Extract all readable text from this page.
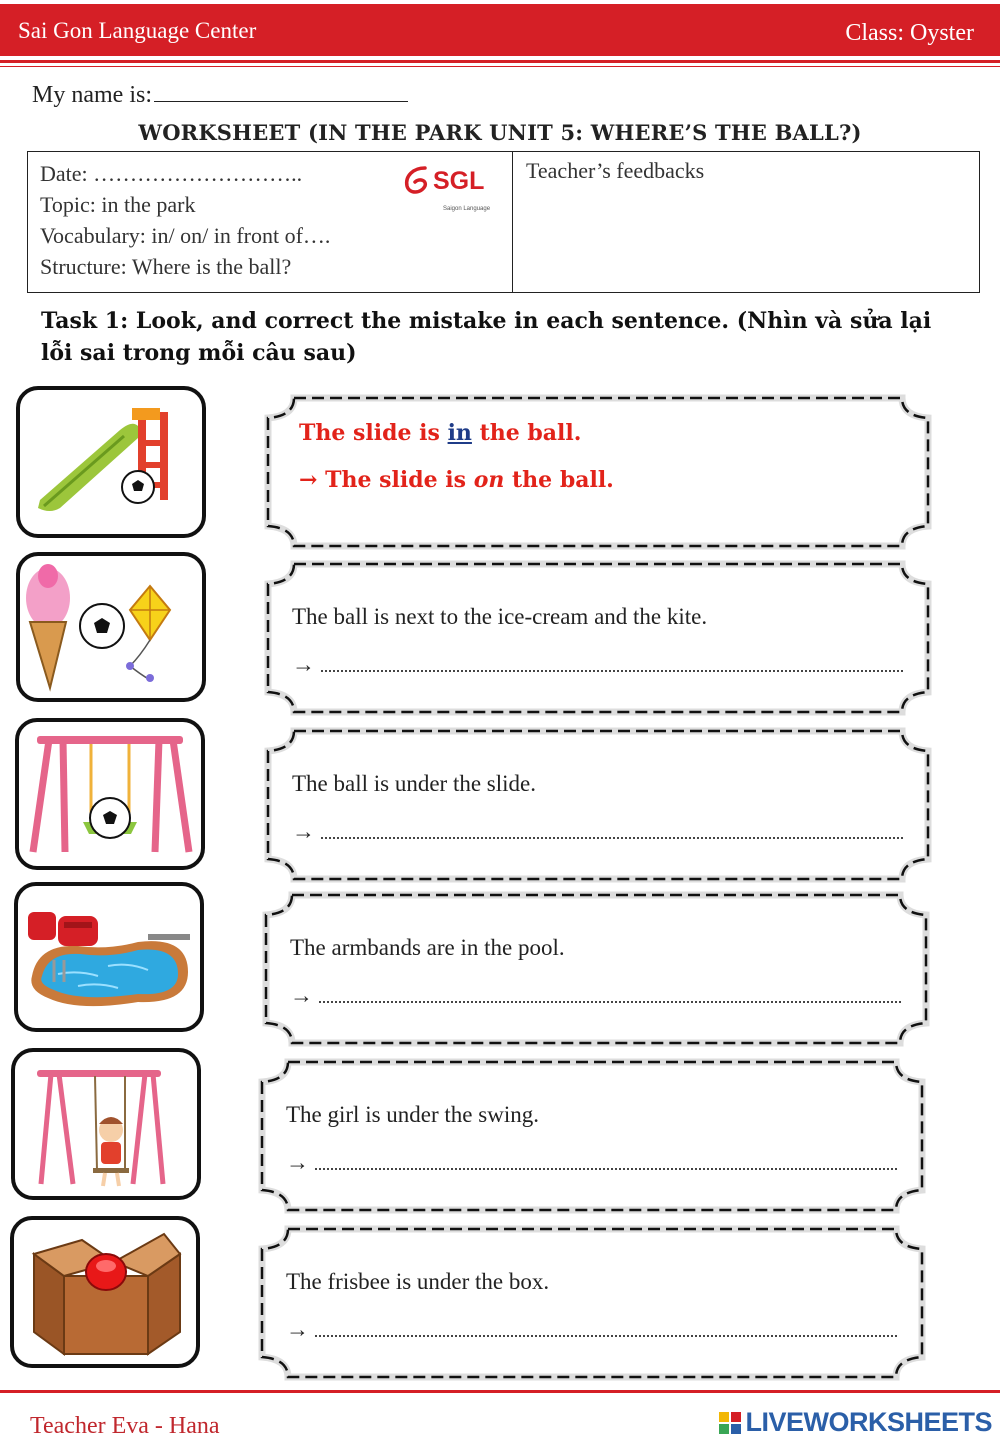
Sai Gon Language Center	Class: Oyster
My name is:
WORKSHEET (IN THE PARK UNIT 5: WHERE’S THE BALL?)
Date: ………………………..
Topic: in the park
Vocabulary: in/ on/ in front of….
Structure: Where is the ball?
SGL
Saigon Language
Teacher’s feedbacks
Task 1: Look, and correct the mistake in each sentence. (Nhìn và sửa lại lỗi sai trong mỗi câu sau)
The slide is in the ball.
→ The slide is on the ball.
The ball is next to the ice-cream and the kite.
→
The ball is under the slide.
→
The armbands are in the pool.
→
The girl is under the swing.
→
The frisbee is under the box.
→
Teacher Eva - Hana	LIVEWORKSHEETS
